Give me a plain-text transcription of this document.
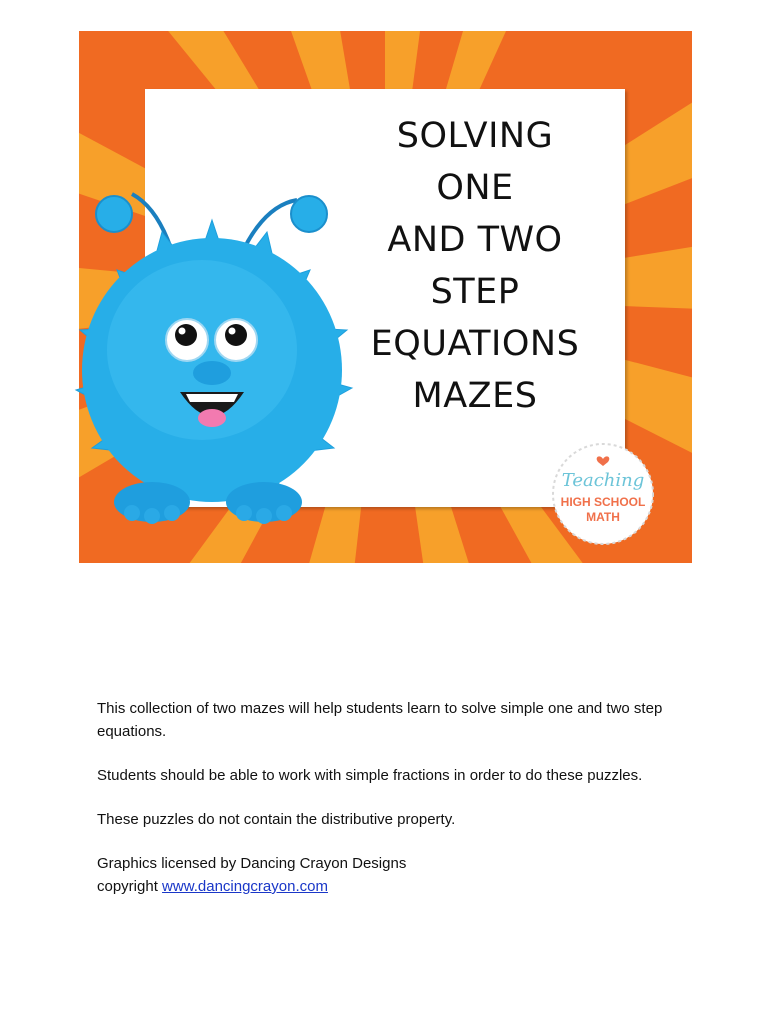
SOLVING
ONE
AND TWO
STEP
EQUATIONS
MAZES
Teaching
HIGH SCHOOL
MATH

This collection of two mazes will help students learn to solve simple one and two step equations.

Students should be able to work with simple fractions in order to do these puzzles.

These puzzles do not contain the distributive property.

Graphics licensed by Dancing Crayon Designs

copyright www.dancingcrayon.com
